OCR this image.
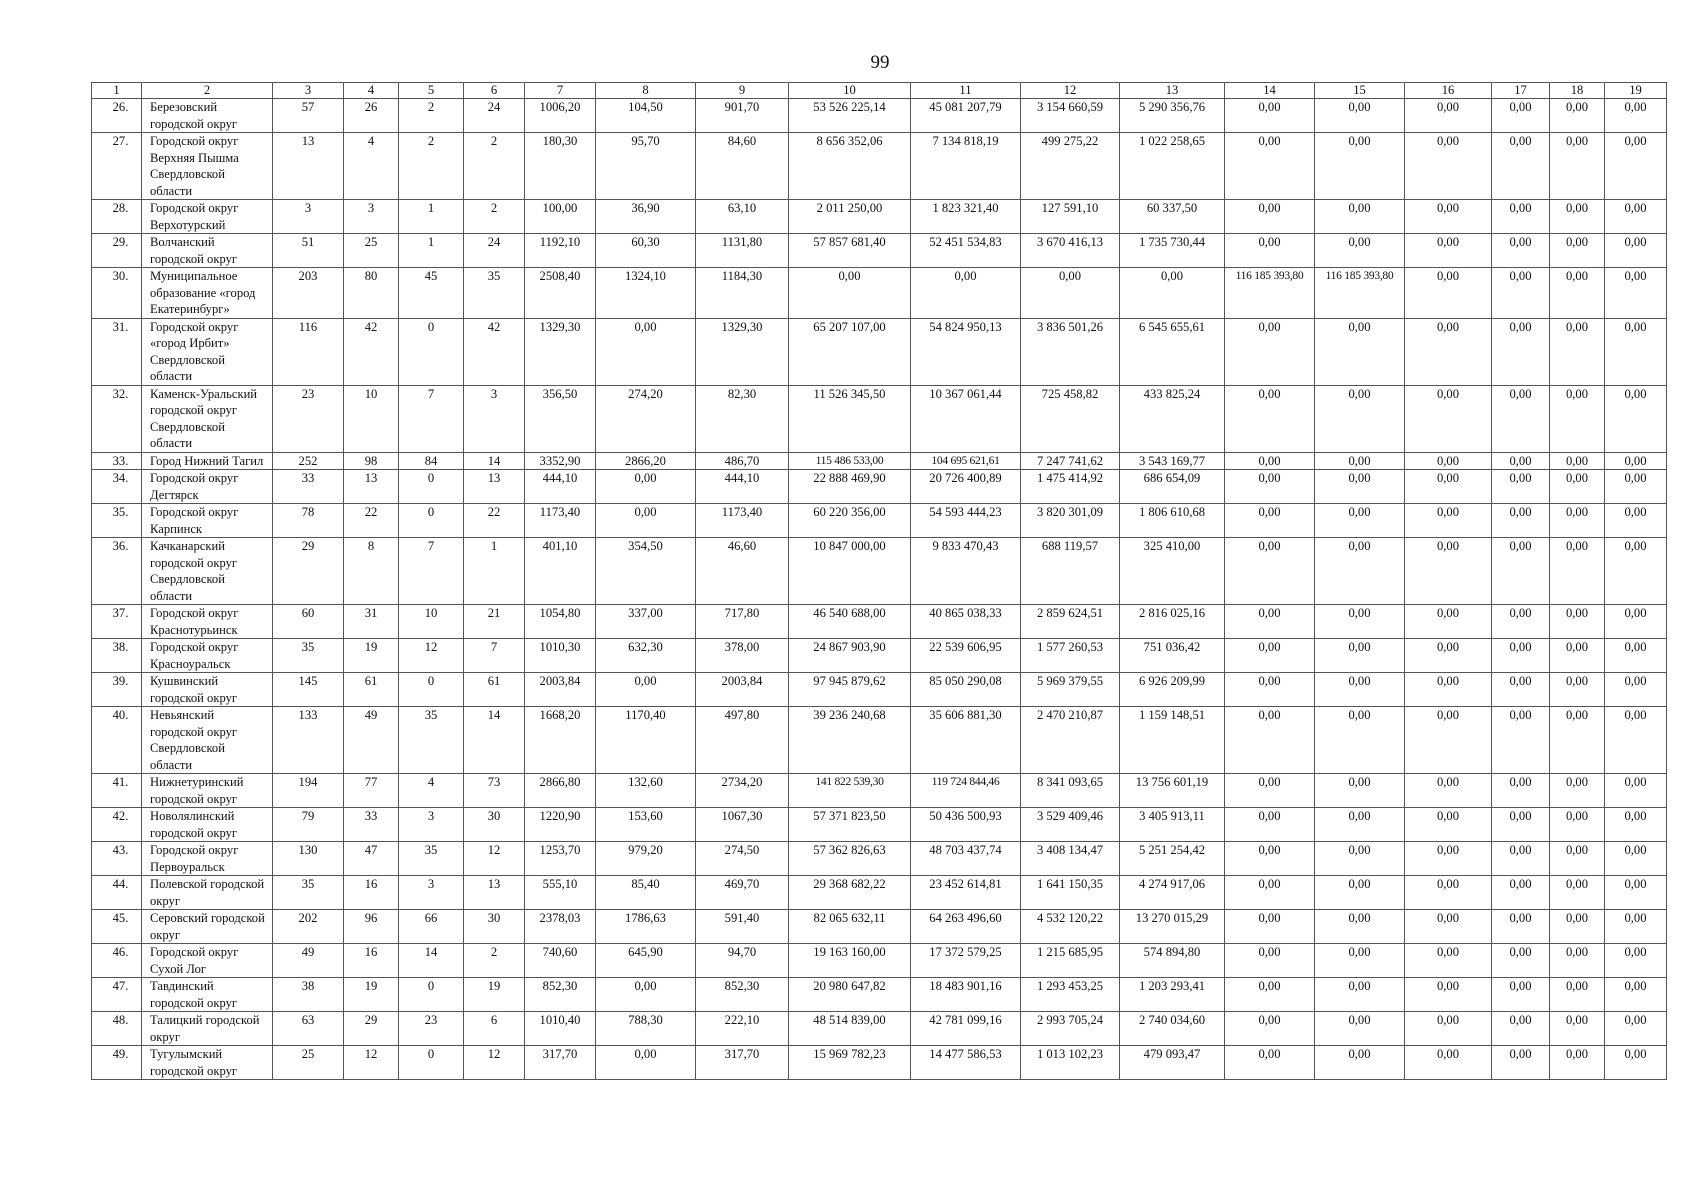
99
1	2	3	4	5	6	7	8	9	10	11	12	13	14	15	16	17	18	19
26.	Березовский городской округ	57	26	2	24	1006,20	104,50	901,70	53 526 225,14	45 081 207,79	3 154 660,59	5 290 356,76	0,00	0,00	0,00	0,00	0,00	0,00
27.	Городской округ Верхняя Пышма Свердловской области	13	4	2	2	180,30	95,70	84,60	8 656 352,06	7 134 818,19	499 275,22	1 022 258,65	0,00	0,00	0,00	0,00	0,00	0,00
28.	Городской округ Верхотурский	3	3	1	2	100,00	36,90	63,10	2 011 250,00	1 823 321,40	127 591,10	60 337,50	0,00	0,00	0,00	0,00	0,00	0,00
29.	Волчанский городской округ	51	25	1	24	1192,10	60,30	1131,80	57 857 681,40	52 451 534,83	3 670 416,13	1 735 730,44	0,00	0,00	0,00	0,00	0,00	0,00
30.	Муниципальное образование «город Екатеринбург»	203	80	45	35	2508,40	1324,10	1184,30	0,00	0,00	0,00	0,00	116 185 393,80	116 185 393,80	0,00	0,00	0,00	0,00
31.	Городской округ «город Ирбит» Свердловской области	116	42	0	42	1329,30	0,00	1329,30	65 207 107,00	54 824 950,13	3 836 501,26	6 545 655,61	0,00	0,00	0,00	0,00	0,00	0,00
32.	Каменск-Уральский городской округ Свердловской области	23	10	7	3	356,50	274,20	82,30	11 526 345,50	10 367 061,44	725 458,82	433 825,24	0,00	0,00	0,00	0,00	0,00	0,00
33.	Город Нижний Тагил	252	98	84	14	3352,90	2866,20	486,70	115 486 533,00	104 695 621,61	7 247 741,62	3 543 169,77	0,00	0,00	0,00	0,00	0,00	0,00
34.	Городской округ Дегтярск	33	13	0	13	444,10	0,00	444,10	22 888 469,90	20 726 400,89	1 475 414,92	686 654,09	0,00	0,00	0,00	0,00	0,00	0,00
35.	Городской округ Карпинск	78	22	0	22	1173,40	0,00	1173,40	60 220 356,00	54 593 444,23	3 820 301,09	1 806 610,68	0,00	0,00	0,00	0,00	0,00	0,00
36.	Качканарский городской округ Свердловской области	29	8	7	1	401,10	354,50	46,60	10 847 000,00	9 833 470,43	688 119,57	325 410,00	0,00	0,00	0,00	0,00	0,00	0,00
37.	Городской округ Краснотурьинск	60	31	10	21	1054,80	337,00	717,80	46 540 688,00	40 865 038,33	2 859 624,51	2 816 025,16	0,00	0,00	0,00	0,00	0,00	0,00
38.	Городской округ Красноуральск	35	19	12	7	1010,30	632,30	378,00	24 867 903,90	22 539 606,95	1 577 260,53	751 036,42	0,00	0,00	0,00	0,00	0,00	0,00
39.	Кушвинский городской округ	145	61	0	61	2003,84	0,00	2003,84	97 945 879,62	85 050 290,08	5 969 379,55	6 926 209,99	0,00	0,00	0,00	0,00	0,00	0,00
40.	Невьянский городской округ Свердловской области	133	49	35	14	1668,20	1170,40	497,80	39 236 240,68	35 606 881,30	2 470 210,87	1 159 148,51	0,00	0,00	0,00	0,00	0,00	0,00
41.	Нижнетуринский городской округ	194	77	4	73	2866,80	132,60	2734,20	141 822 539,30	119 724 844,46	8 341 093,65	13 756 601,19	0,00	0,00	0,00	0,00	0,00	0,00
42.	Новолялинский городской округ	79	33	3	30	1220,90	153,60	1067,30	57 371 823,50	50 436 500,93	3 529 409,46	3 405 913,11	0,00	0,00	0,00	0,00	0,00	0,00
43.	Городской округ Первоуральск	130	47	35	12	1253,70	979,20	274,50	57 362 826,63	48 703 437,74	3 408 134,47	5 251 254,42	0,00	0,00	0,00	0,00	0,00	0,00
44.	Полевской городской округ	35	16	3	13	555,10	85,40	469,70	29 368 682,22	23 452 614,81	1 641 150,35	4 274 917,06	0,00	0,00	0,00	0,00	0,00	0,00
45.	Серовский городской округ	202	96	66	30	2378,03	1786,63	591,40	82 065 632,11	64 263 496,60	4 532 120,22	13 270 015,29	0,00	0,00	0,00	0,00	0,00	0,00
46.	Городской округ Сухой Лог	49	16	14	2	740,60	645,90	94,70	19 163 160,00	17 372 579,25	1 215 685,95	574 894,80	0,00	0,00	0,00	0,00	0,00	0,00
47.	Тавдинский городской округ	38	19	0	19	852,30	0,00	852,30	20 980 647,82	18 483 901,16	1 293 453,25	1 203 293,41	0,00	0,00	0,00	0,00	0,00	0,00
48.	Талицкий городской округ	63	29	23	6	1010,40	788,30	222,10	48 514 839,00	42 781 099,16	2 993 705,24	2 740 034,60	0,00	0,00	0,00	0,00	0,00	0,00
49.	Тугулымский городской округ	25	12	0	12	317,70	0,00	317,70	15 969 782,23	14 477 586,53	1 013 102,23	479 093,47	0,00	0,00	0,00	0,00	0,00	0,00
